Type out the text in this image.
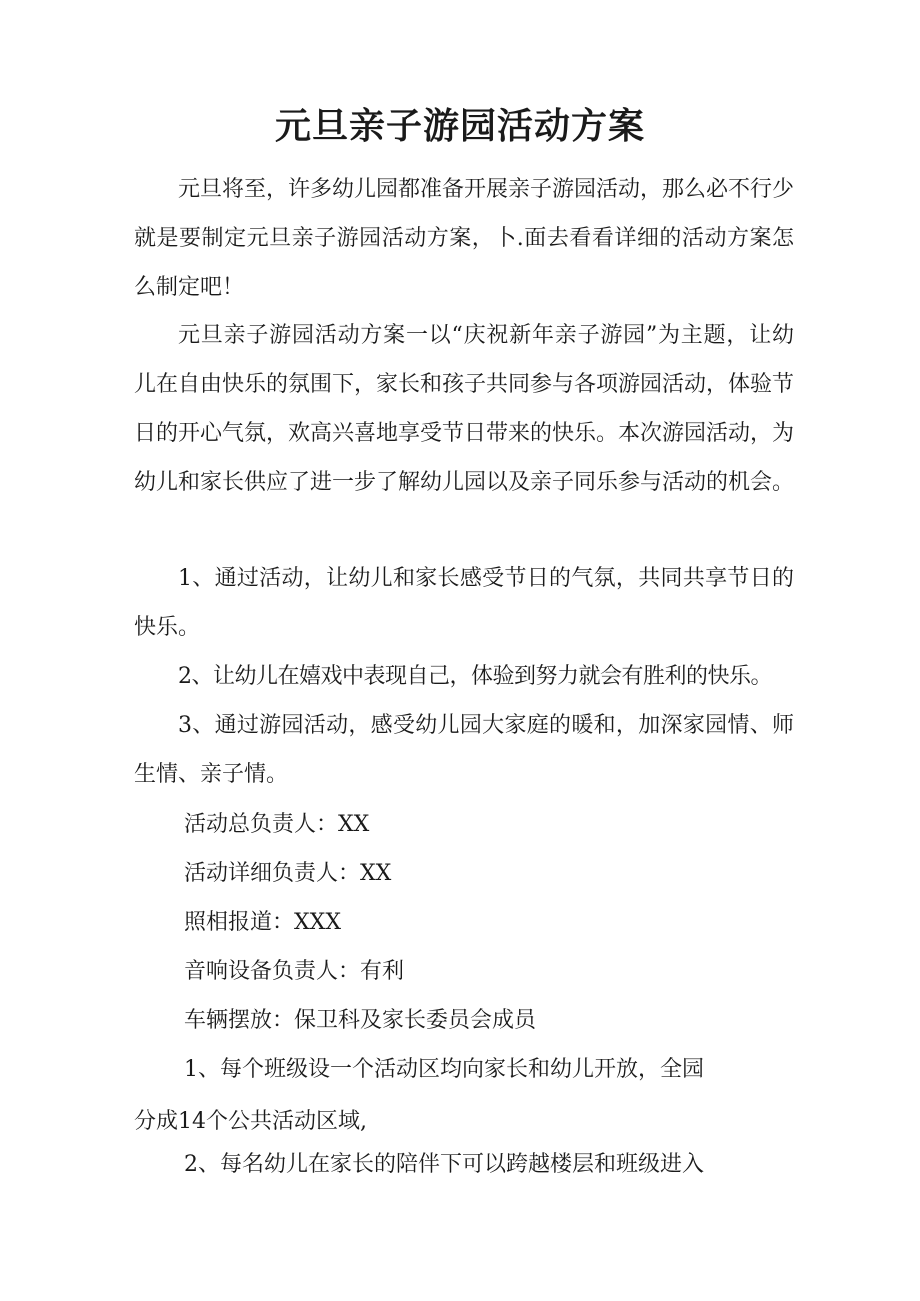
元旦亲子游园活动方案

元旦将至，许多幼儿园都准备开展亲子游园活动，那么必不行少就是要制定元旦亲子游园活动方案，卜.面去看看详细的活动方案怎么制定吧！

元旦亲子游园活动方案一以“庆祝新年亲子游园”为主题，让幼儿在自由快乐的氛围下，家长和孩子共同参与各项游园活动，体验节日的开心气氛，欢高兴喜地享受节日带来的快乐。本次游园活动，为幼儿和家长供应了进一步了解幼儿园以及亲子同乐参与活动的机会。

1、通过活动，让幼儿和家长感受节日的气氛，共同共享节日的快乐。

2、让幼儿在嬉戏中表现自己，体验到努力就会有胜利的快乐。

3、通过游园活动，感受幼儿园大家庭的暖和，加深家园情、师生情、亲子情。

活动总负责人：XX

活动详细负责人：XX

照相报道：XXX

音响设备负责人：有利

车辆摆放：保卫科及家长委员会成员

1、每个班级设一个活动区均向家长和幼儿开放，全园

分成14个公共活动区域,

2、每名幼儿在家长的陪伴下可以跨越楼层和班级进入
